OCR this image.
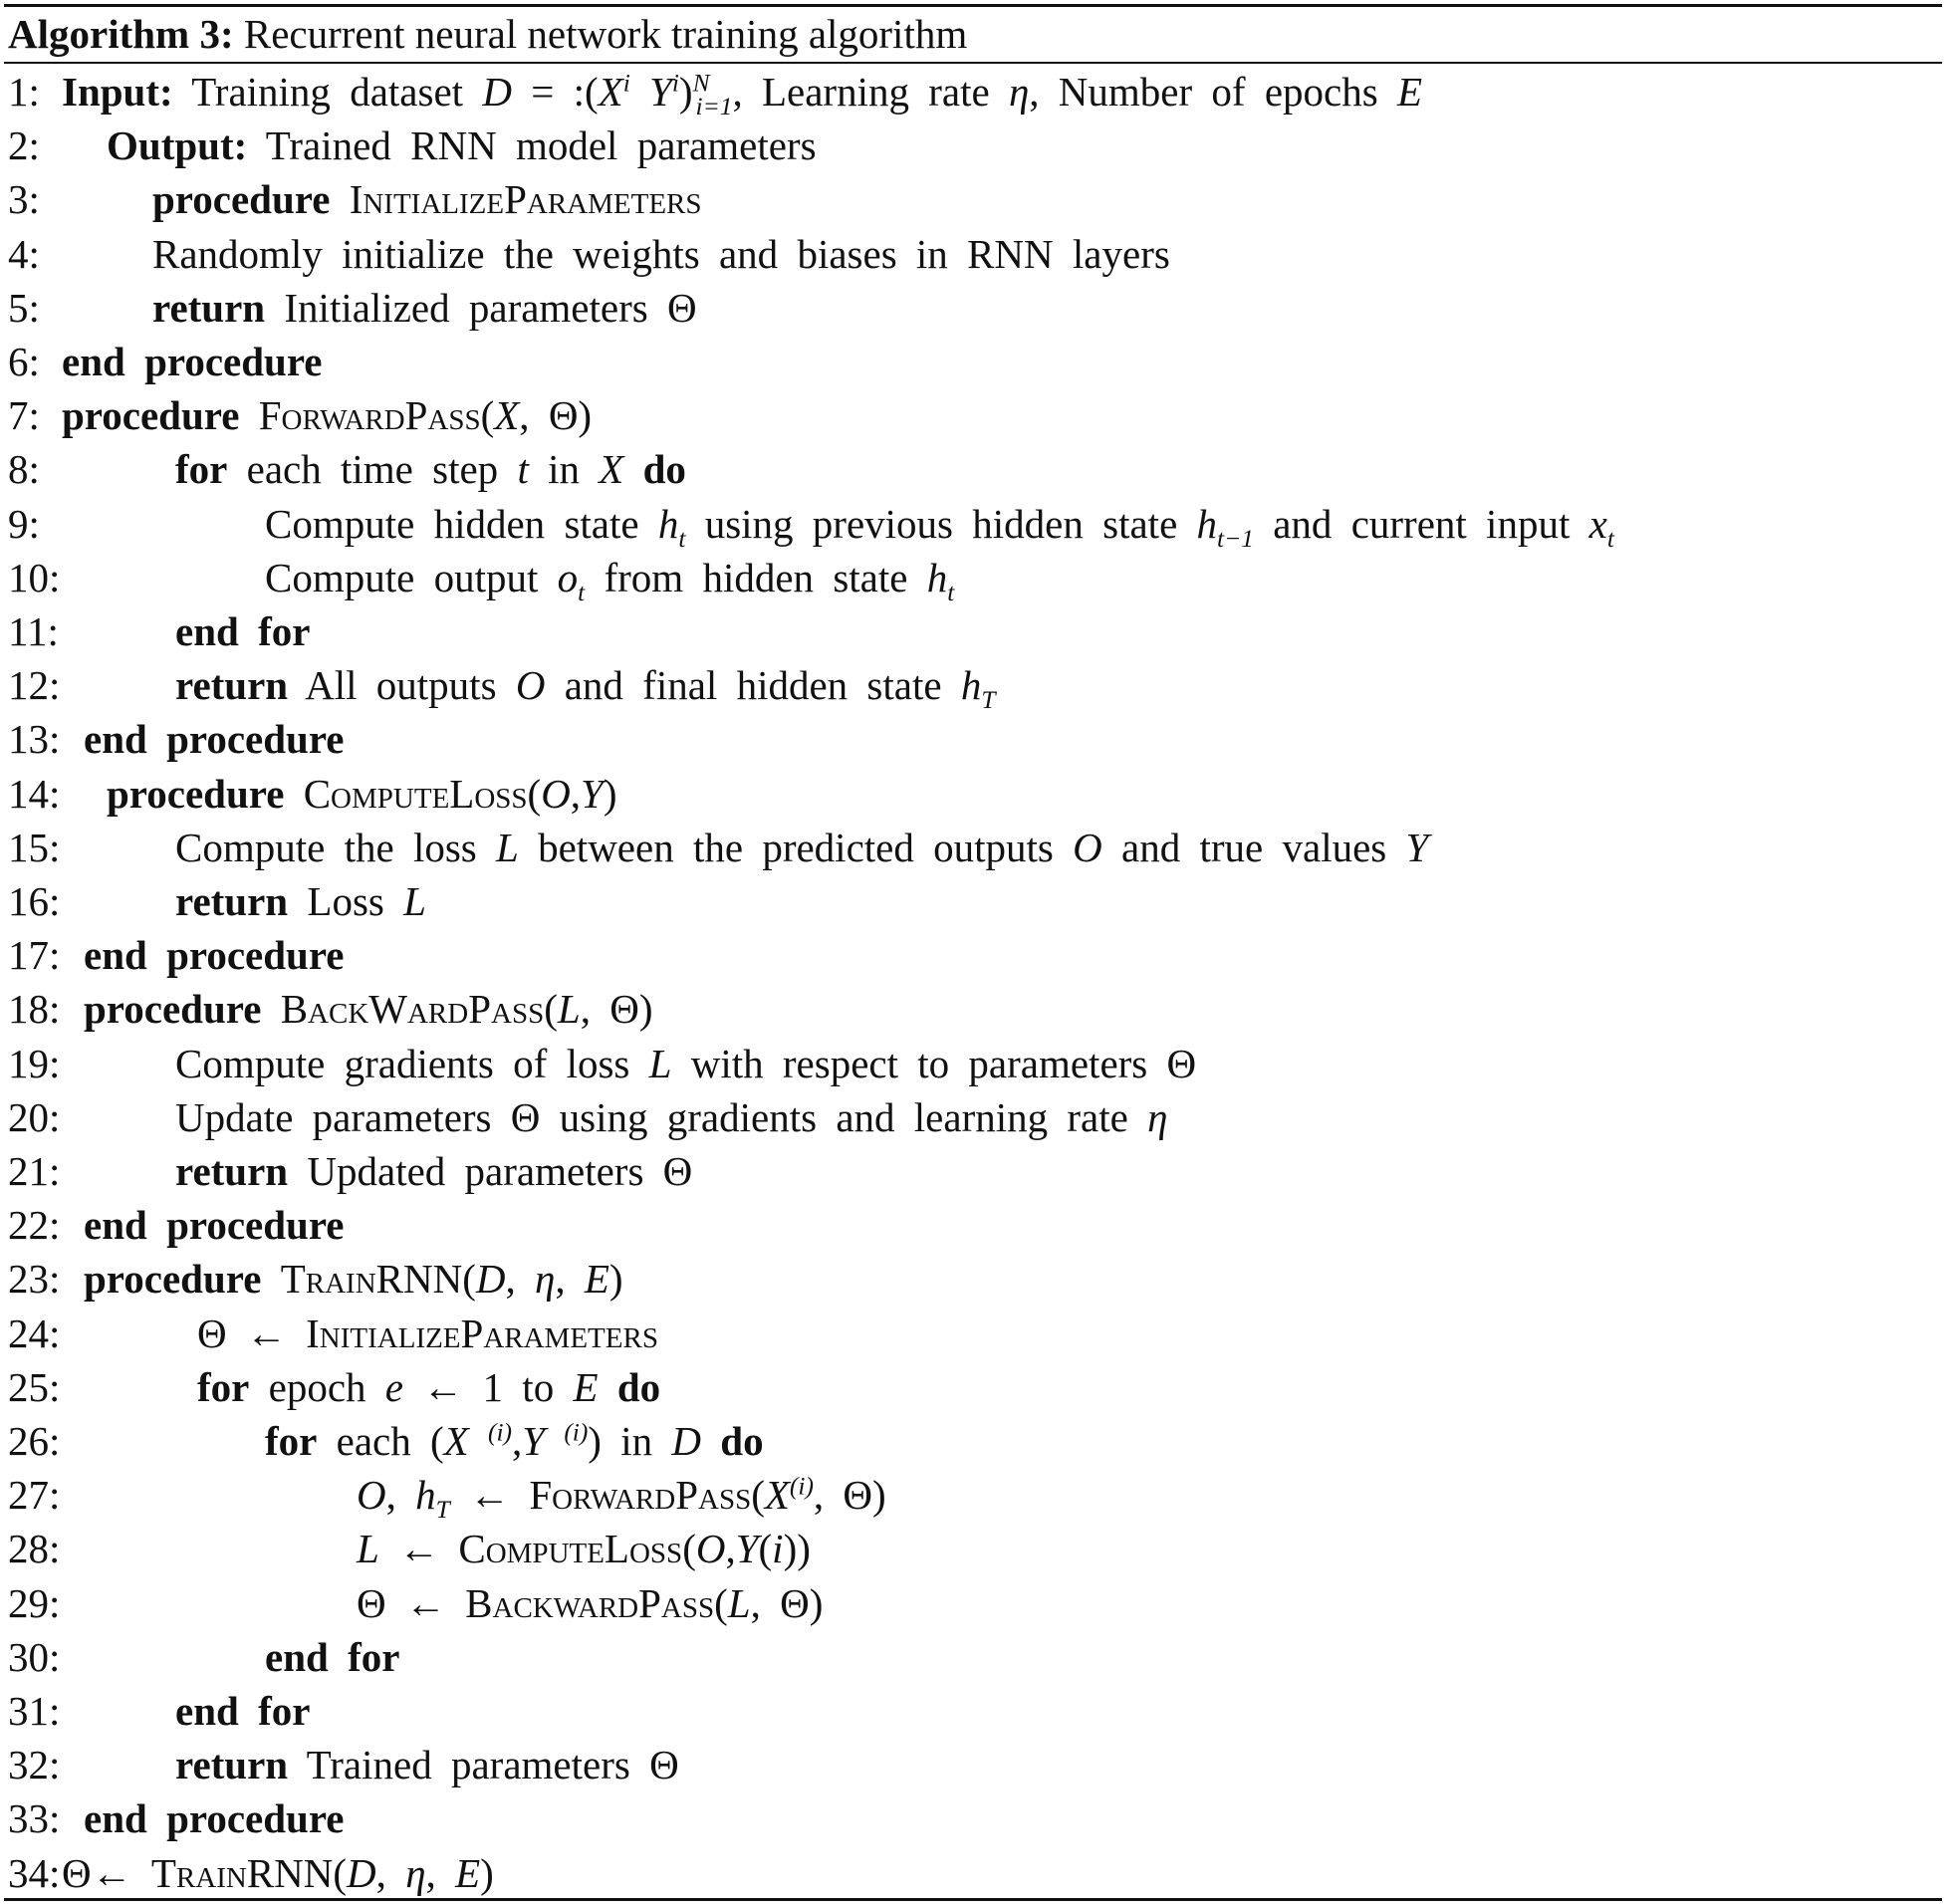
Algorithm 3: Recurrent neural network training algorithm
1: Input: Training dataset $D = :(X^i$ $Y^i)^N_{i=1}$, Learning rate η, Number of epochs E
2: Output: Trained RNN model parameters
3:	procedure InitializeParameters
4:	Randomly initialize the weights and biases in RNN layers
5:	return Initialized parameters Θ
6: end procedure
7: procedure ForwardPass(X, Θ)
8:	for each time step t in X do
9:	Compute hidden state $h_t$ using previous hidden state $h_{t-1}$ and current input $x_t$
10:	Compute output $o_t$ from hidden state $h_t$
11:	end for
12:	return All outputs O and final hidden state $h_T$
13: end procedure
14: procedure ComputeLoss(O,Y)
15:	Compute the loss L between the predicted outputs O and true values Y
16:	return Loss L
17: end procedure
18: procedure BackWardPass(L, Θ)
19:	Compute gradients of loss L with respect to parameters Θ
20:	Update parameters Θ using gradients and learning rate η
21:	return Updated parameters Θ
22: end procedure
23: procedure TrainRNN(D, η, E)
24:	Θ ← InitializeParameters
25:	for epoch e ← 1 to E do
26:	for each (X $^{(i)}$,Y $^{(i)}$) in D do
27:	O, $h_T$ ← $ForwardPass(X^{(i)}$, Θ)
28:	L ← ComputeLoss(O,Y(i))
29:	Θ ← BackwardPass(L, Θ)
30:	end for
31:	end for
32:	return Trained parameters Θ
33: end procedure
34: Θ← TrainRNN(D, η, E)
